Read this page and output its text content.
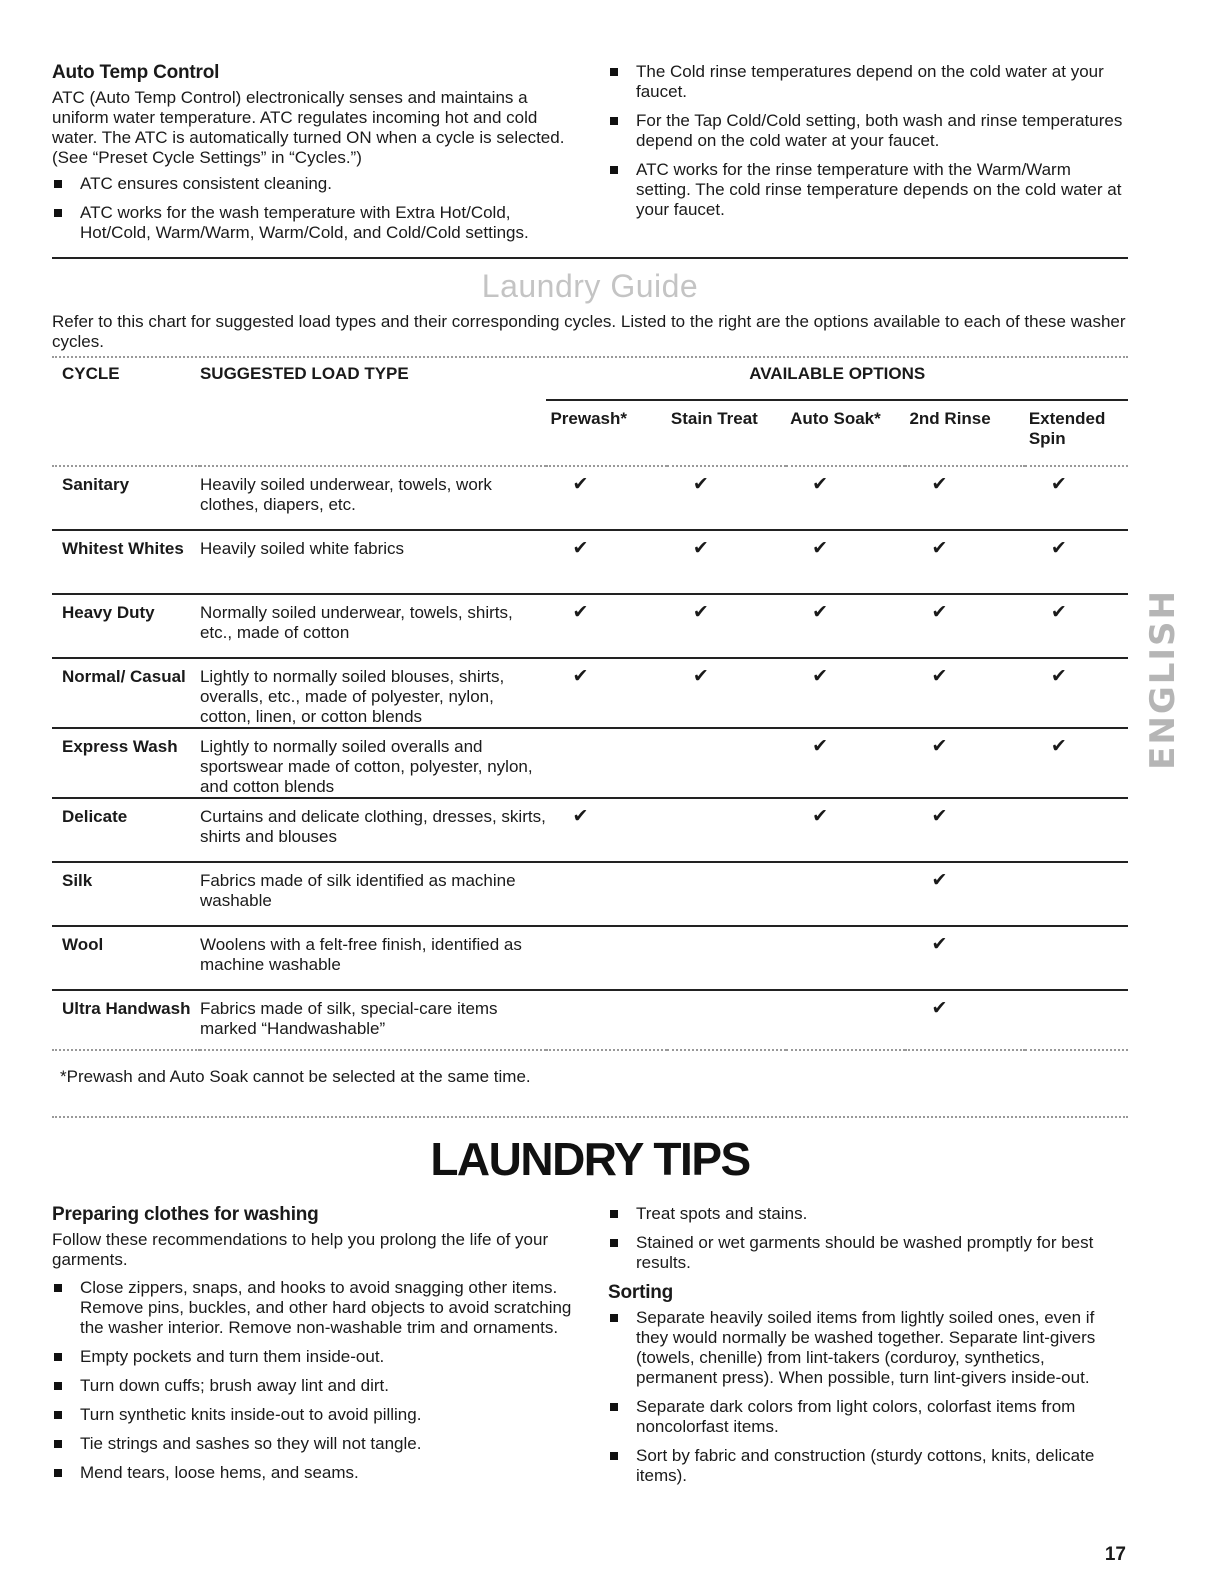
Auto Temp Control

ATC (Auto Temp Control) electronically senses and maintains a uniform water temperature. ATC regulates incoming hot and cold water. The ATC is automatically turned ON when a cycle is selected. (See “Preset Cycle Settings” in “Cycles.”)

ATC ensures consistent cleaning.
ATC works for the wash temperature with Extra Hot/Cold, Hot/Cold, Warm/Warm, Warm/Cold, and Cold/Cold settings.
The Cold rinse temperatures depend on the cold water at your faucet.
For the Tap Cold/Cold setting, both wash and rinse temperatures depend on the cold water at your faucet.
ATC works for the rinse temperature with the Warm/Warm setting. The cold rinse temperature depends on the cold water at your faucet.
Laundry Guide
Refer to this chart for suggested load types and their corresponding cycles. Listed to the right are the options available to each of these washer cycles.
CYCLE	SUGGESTED LOAD TYPE	AVAILABLE OPTIONS				
		Prewash*	Stain Treat	Auto Soak*	2nd Rinse	Extended Spin
Sanitary	Heavily soiled underwear, towels, work clothes, diapers, etc.	✔	✔	✔	✔	✔
Whitest Whites	Heavily soiled white fabrics	✔	✔	✔	✔	✔
Heavy Duty	Normally soiled underwear, towels, shirts, etc., made of cotton	✔	✔	✔	✔	✔
Normal/ Casual	Lightly to normally soiled blouses, shirts, overalls, etc., made of polyester, nylon, cotton, linen, or cotton blends	✔	✔	✔	✔	✔
Express Wash	Lightly to normally soiled overalls and sportswear made of cotton, polyester, nylon, and cotton blends			✔	✔	✔
Delicate	Curtains and delicate clothing, dresses, skirts, shirts and blouses	✔		✔	✔	
Silk	Fabrics made of silk identified as machine washable				✔	
Wool	Woolens with a felt-free finish, identified as machine washable				✔	
Ultra Handwash	Fabrics made of silk, special-care items marked “Handwashable”				✔	
*Prewash and Auto Soak cannot be selected at the same time.
LAUNDRY TIPS
Preparing clothes for washing

Follow these recommendations to help you prolong the life of your garments.

Close zippers, snaps, and hooks to avoid snagging other items. Remove pins, buckles, and other hard objects to avoid scratching the washer interior. Remove non-washable trim and ornaments.
Empty pockets and turn them inside-out.
Turn down cuffs; brush away lint and dirt.
Turn synthetic knits inside-out to avoid pilling.
Tie strings and sashes so they will not tangle.
Mend tears, loose hems, and seams.
Treat spots and stains.
Stained or wet garments should be washed promptly for best results.
Sorting
Separate heavily soiled items from lightly soiled ones, even if they would normally be washed together. Separate lint-givers (towels, chenille) from lint-takers (corduroy, synthetics, permanent press). When possible, turn lint-givers inside-out.
Separate dark colors from light colors, colorfast items from noncolorfast items.
Sort by fabric and construction (sturdy cottons, knits, delicate items).
ENGLISH
17
